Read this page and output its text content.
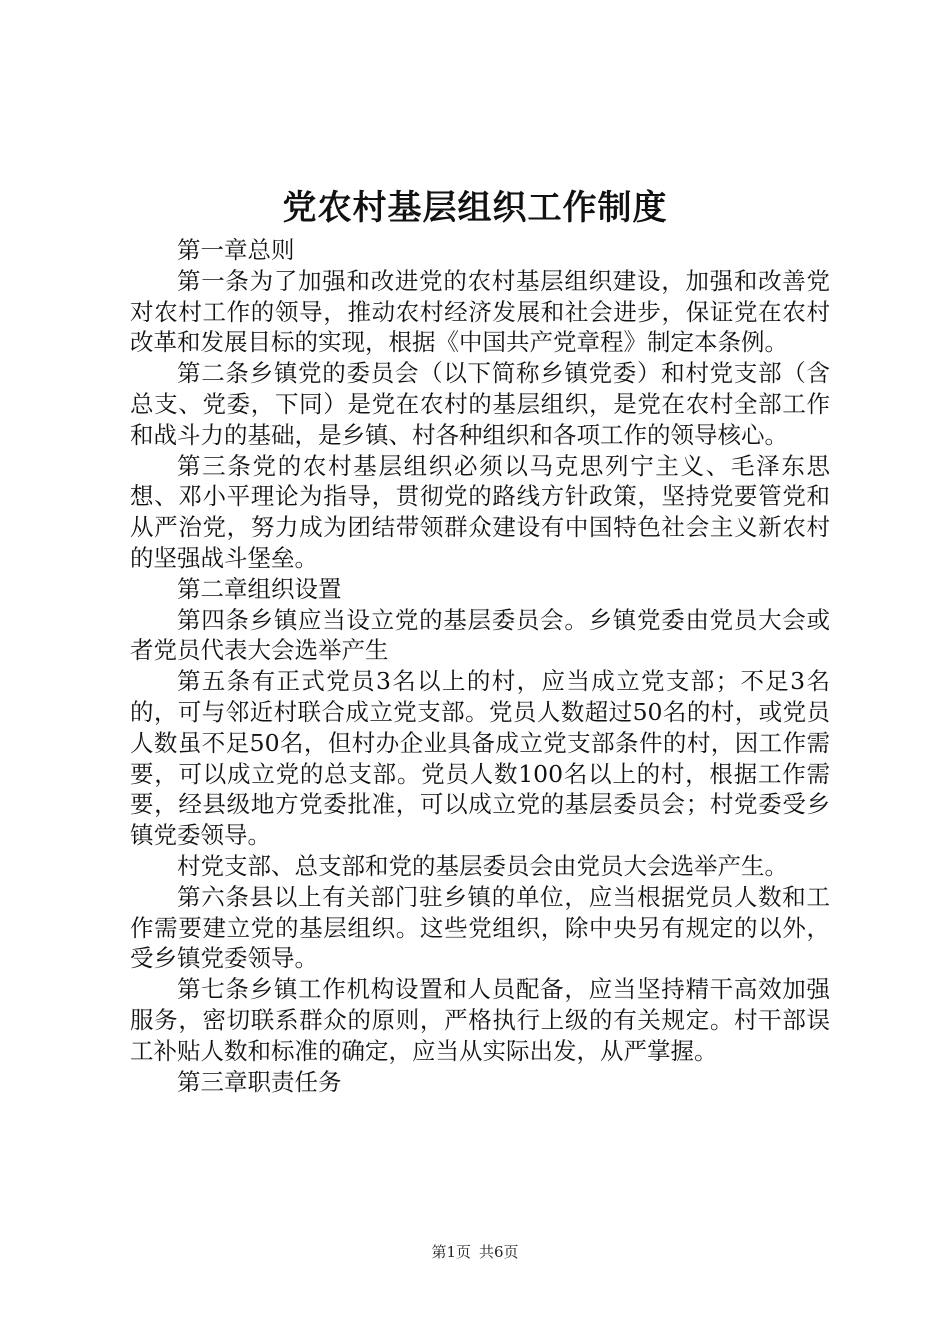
党农村基层组织工作制度

第一章总则

第一条为了加强和改进党的农村基层组织建设，加强和改善党对农村工作的领导，推动农村经济发展和社会进步，保证党在农村改革和发展目标的实现，根据《中国共产党章程》制定本条例。

第二条乡镇党的委员会（以下简称乡镇党委）和村党支部（含总支、党委，下同）是党在农村的基层组织，是党在农村全部工作和战斗力的基础，是乡镇、村各种组织和各项工作的领导核心。

第三条党的农村基层组织必须以马克思列宁主义、毛泽东思想、邓小平理论为指导，贯彻党的路线方针政策，坚持党要管党和从严治党，努力成为团结带领群众建设有中国特色社会主义新农村的坚强战斗堡垒。

第二章组织设置

第四条乡镇应当设立党的基层委员会。乡镇党委由党员大会或者党员代表大会选举产生

第五条有正式党员3名以上的村，应当成立党支部；不足3名的，可与邻近村联合成立党支部。党员人数超过50名的村，或党员人数虽不足50名，但村办企业具备成立党支部条件的村，因工作需要，可以成立党的总支部。党员人数100名以上的村，根据工作需要，经县级地方党委批准，可以成立党的基层委员会；村党委受乡镇党委领导。

村党支部、总支部和党的基层委员会由党员大会选举产生。

第六条县以上有关部门驻乡镇的单位，应当根据党员人数和工作需要建立党的基层组织。这些党组织，除中央另有规定的以外，受乡镇党委领导。

第七条乡镇工作机构设置和人员配备，应当坚持精干高效加强服务，密切联系群众的原则，严格执行上级的有关规定。村干部误工补贴人数和标准的确定，应当从实际出发，从严掌握。

第三章职责任务

第1页 共6页
